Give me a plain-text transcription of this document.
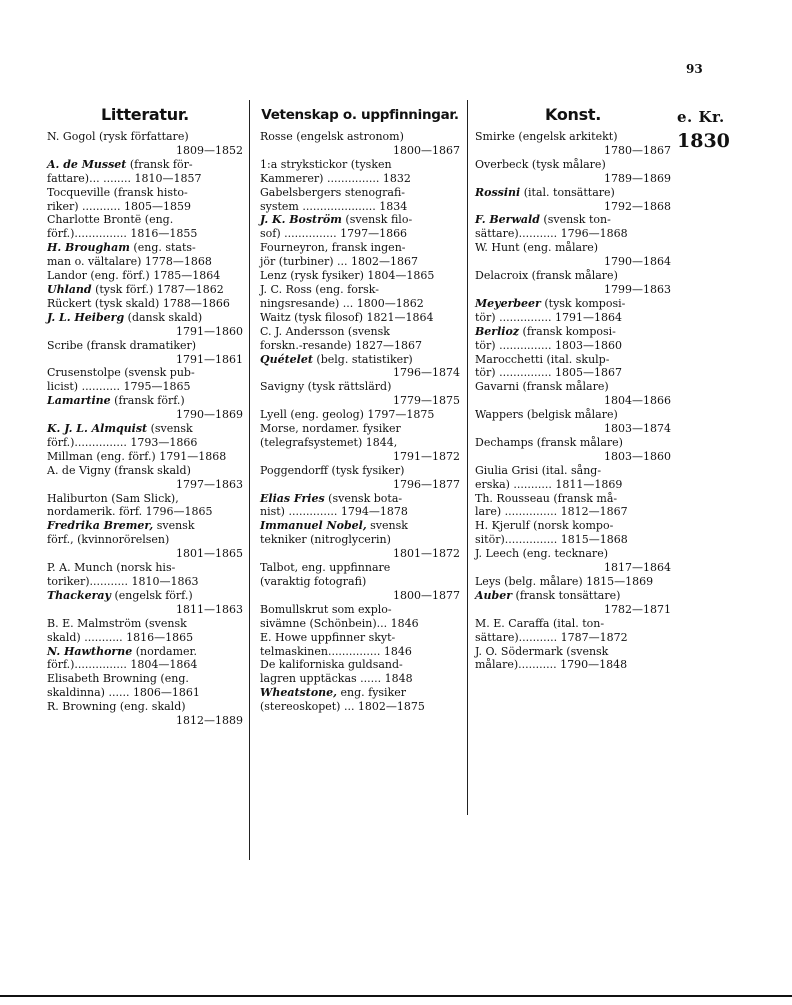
93
e. Kr.
1830
Litteratur.
N. Gogol (rysk författare)
1809—1852
A. de Musset (fransk för-
fattare)... ........ 1810—1857
Tocqueville (fransk histo-
riker) ........... 1805—1859
Charlotte Brontë (eng.
förf.)............... 1816—1855
H. Brougham (eng. stats-
man o. vältalare) 1778—1868
Landor (eng. förf.) 1785—1864
Uhland (tysk förf.) 1787—1862
Rückert (tysk skald) 1788—1866
J. L. Heiberg (dansk skald)
1791—1860
Scribe (fransk dramatiker)
1791—1861
Crusenstolpe (svensk pub-
licist) ........... 1795—1865
Lamartine (fransk förf.)
1790—1869
K. J. L. Almquist (svensk
förf.)............... 1793—1866
Millman (eng. förf.) 1791—1868
A. de Vigny (fransk skald)
1797—1863
Haliburton (Sam Slick),
nordamerik. förf. 1796—1865
Fredrika Bremer, svensk
förf., (kvinnorörelsen)
1801—1865
P. A. Munch (norsk his-
toriker)........... 1810—1863
Thackeray (engelsk förf.)
1811—1863
B. E. Malmström (svensk
skald) ........... 1816—1865
N. Hawthorne (nordamer.
förf.)............... 1804—1864
Elisabeth Browning (eng.
skaldinna) ...... 1806—1861
R. Browning (eng. skald)
1812—1889
Vetenskap o. uppfinningar.
Rosse (engelsk astronom)
1800—1867
1:a strykstickor (tysken
Kammerer) ............... 1832
Gabelsbergers stenografi-
system ..................... 1834
J. K. Boström (svensk filo-
sof) ............... 1797—1866
Fourneyron, fransk ingen-
jör (turbiner) ... 1802—1867
Lenz (rysk fysiker) 1804—1865
J. C. Ross (eng. forsk-
ningsresande) ... 1800—1862
Waitz (tysk filosof) 1821—1864
C. J. Andersson (svensk
forskn.-resande) 1827—1867
Quételet (belg. statistiker)
1796—1874
Savigny (tysk rättslärd)
1779—1875
Lyell (eng. geolog) 1797—1875
Morse, nordamer. fysiker
(telegrafsystemet) 1844,
1791—1872
Poggendorff (tysk fysiker)
1796—1877
Elias Fries (svensk bota-
nist) .............. 1794—1878
Immanuel Nobel, svensk
tekniker (nitroglycerin)
1801—1872
Talbot, eng. uppfinnare
(varaktig fotografi)
1800—1877
Bomullskrut som explo-
sivämne (Schönbein)... 1846
E. Howe uppfinner skyt-
telmaskinen............... 1846
De kaliforniska guldsand-
lagren upptäckas ...... 1848
Wheatstone, eng. fysiker
(stereoskopet) ... 1802—1875
Konst.
Smirke (engelsk arkitekt)
1780—1867
Overbeck (tysk målare)
1789—1869
Rossini (ital. tonsättare)
1792—1868
F. Berwald (svensk ton-
sättare)........... 1796—1868
W. Hunt (eng. målare)
1790—1864
Delacroix (fransk målare)
1799—1863
Meyerbeer (tysk komposi-
tör) ............... 1791—1864
Berlioz (fransk komposi-
tör) ............... 1803—1860
Marocchetti (ital. skulp-
tör) ............... 1805—1867
Gavarni (fransk målare)
1804—1866
Wappers (belgisk målare)
1803—1874
Dechamps (fransk målare)
1803—1860
Giulia Grisi (ital. sång-
erska) ........... 1811—1869
Th. Rousseau (fransk må-
lare) ............... 1812—1867
H. Kjerulf (norsk kompo-
sitör)............... 1815—1868
J. Leech (eng. tecknare)
1817—1864
Leys (belg. målare) 1815—1869
Auber (fransk tonsättare)
1782—1871
M. E. Caraffa (ital. ton-
sättare)........... 1787—1872
J. O. Södermark (svensk
målare)........... 1790—1848
